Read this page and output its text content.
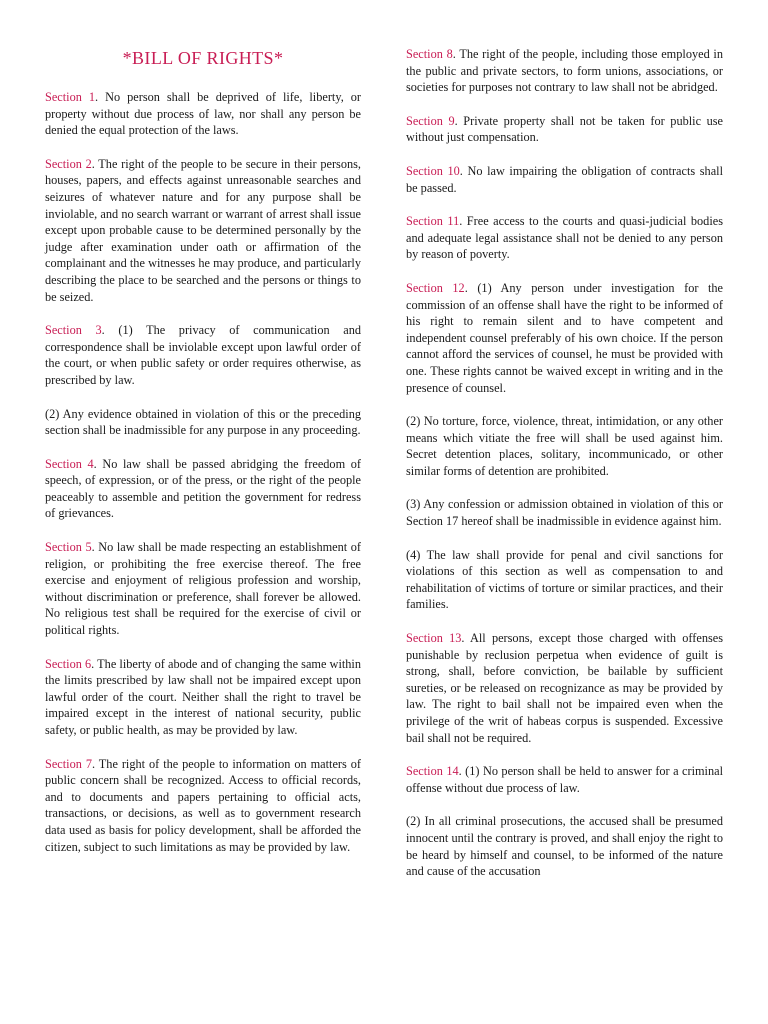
*BILL OF RIGHTS*

Section 1. No person shall be deprived of life, liberty, or property without due process of law, nor shall any person be denied the equal protection of the laws.

Section 2. The right of the people to be secure in their persons, houses, papers, and effects against unreasonable searches and seizures of whatever nature and for any purpose shall be inviolable, and no search warrant or warrant of arrest shall issue except upon probable cause to be determined personally by the judge after examination under oath or affirmation of the complainant and the witnesses he may produce, and particularly describing the place to be searched and the persons or things to be seized.

Section 3. (1) The privacy of communication and correspondence shall be inviolable except upon lawful order of the court, or when public safety or order requires otherwise, as prescribed by law.

(2) Any evidence obtained in violation of this or the preceding section shall be inadmissible for any purpose in any proceeding.

Section 4. No law shall be passed abridging the freedom of speech, of expression, or of the press, or the right of the people peaceably to assemble and petition the government for redress of grievances.

Section 5. No law shall be made respecting an establishment of religion, or prohibiting the free exercise thereof. The free exercise and enjoyment of religious profession and worship, without discrimination or preference, shall forever be allowed. No religious test shall be required for the exercise of civil or political rights.

Section 6. The liberty of abode and of changing the same within the limits prescribed by law shall not be impaired except upon lawful order of the court. Neither shall the right to travel be impaired except in the interest of national security, public safety, or public health, as may be provided by law.

Section 7. The right of the people to information on matters of public concern shall be recognized. Access to official records, and to documents and papers pertaining to official acts, transactions, or decisions, as well as to government research data used as basis for policy development, shall be afforded the citizen, subject to such limitations as may be provided by law.

Section 8. The right of the people, including those employed in the public and private sectors, to form unions, associations, or societies for purposes not contrary to law shall not be abridged.

Section 9. Private property shall not be taken for public use without just compensation.

Section 10. No law impairing the obligation of contracts shall be passed.

Section 11. Free access to the courts and quasi-judicial bodies and adequate legal assistance shall not be denied to any person by reason of poverty.

Section 12. (1) Any person under investigation for the commission of an offense shall have the right to be informed of his right to remain silent and to have competent and independent counsel preferably of his own choice. If the person cannot afford the services of counsel, he must be provided with one. These rights cannot be waived except in writing and in the presence of counsel.

(2) No torture, force, violence, threat, intimidation, or any other means which vitiate the free will shall be used against him. Secret detention places, solitary, incommunicado, or other similar forms of detention are prohibited.

(3) Any confession or admission obtained in violation of this or Section 17 hereof shall be inadmissible in evidence against him.

(4) The law shall provide for penal and civil sanctions for violations of this section as well as compensation to and rehabilitation of victims of torture or similar practices, and their families.

Section 13. All persons, except those charged with offenses punishable by reclusion perpetua when evidence of guilt is strong, shall, before conviction, be bailable by sufficient sureties, or be released on recognizance as may be provided by law. The right to bail shall not be impaired even when the privilege of the writ of habeas corpus is suspended. Excessive bail shall not be required.

Section 14. (1) No person shall be held to answer for a criminal offense without due process of law.

(2) In all criminal prosecutions, the accused shall be presumed innocent until the contrary is proved, and shall enjoy the right to be heard by himself and counsel, to be informed of the nature and cause of the accusation
